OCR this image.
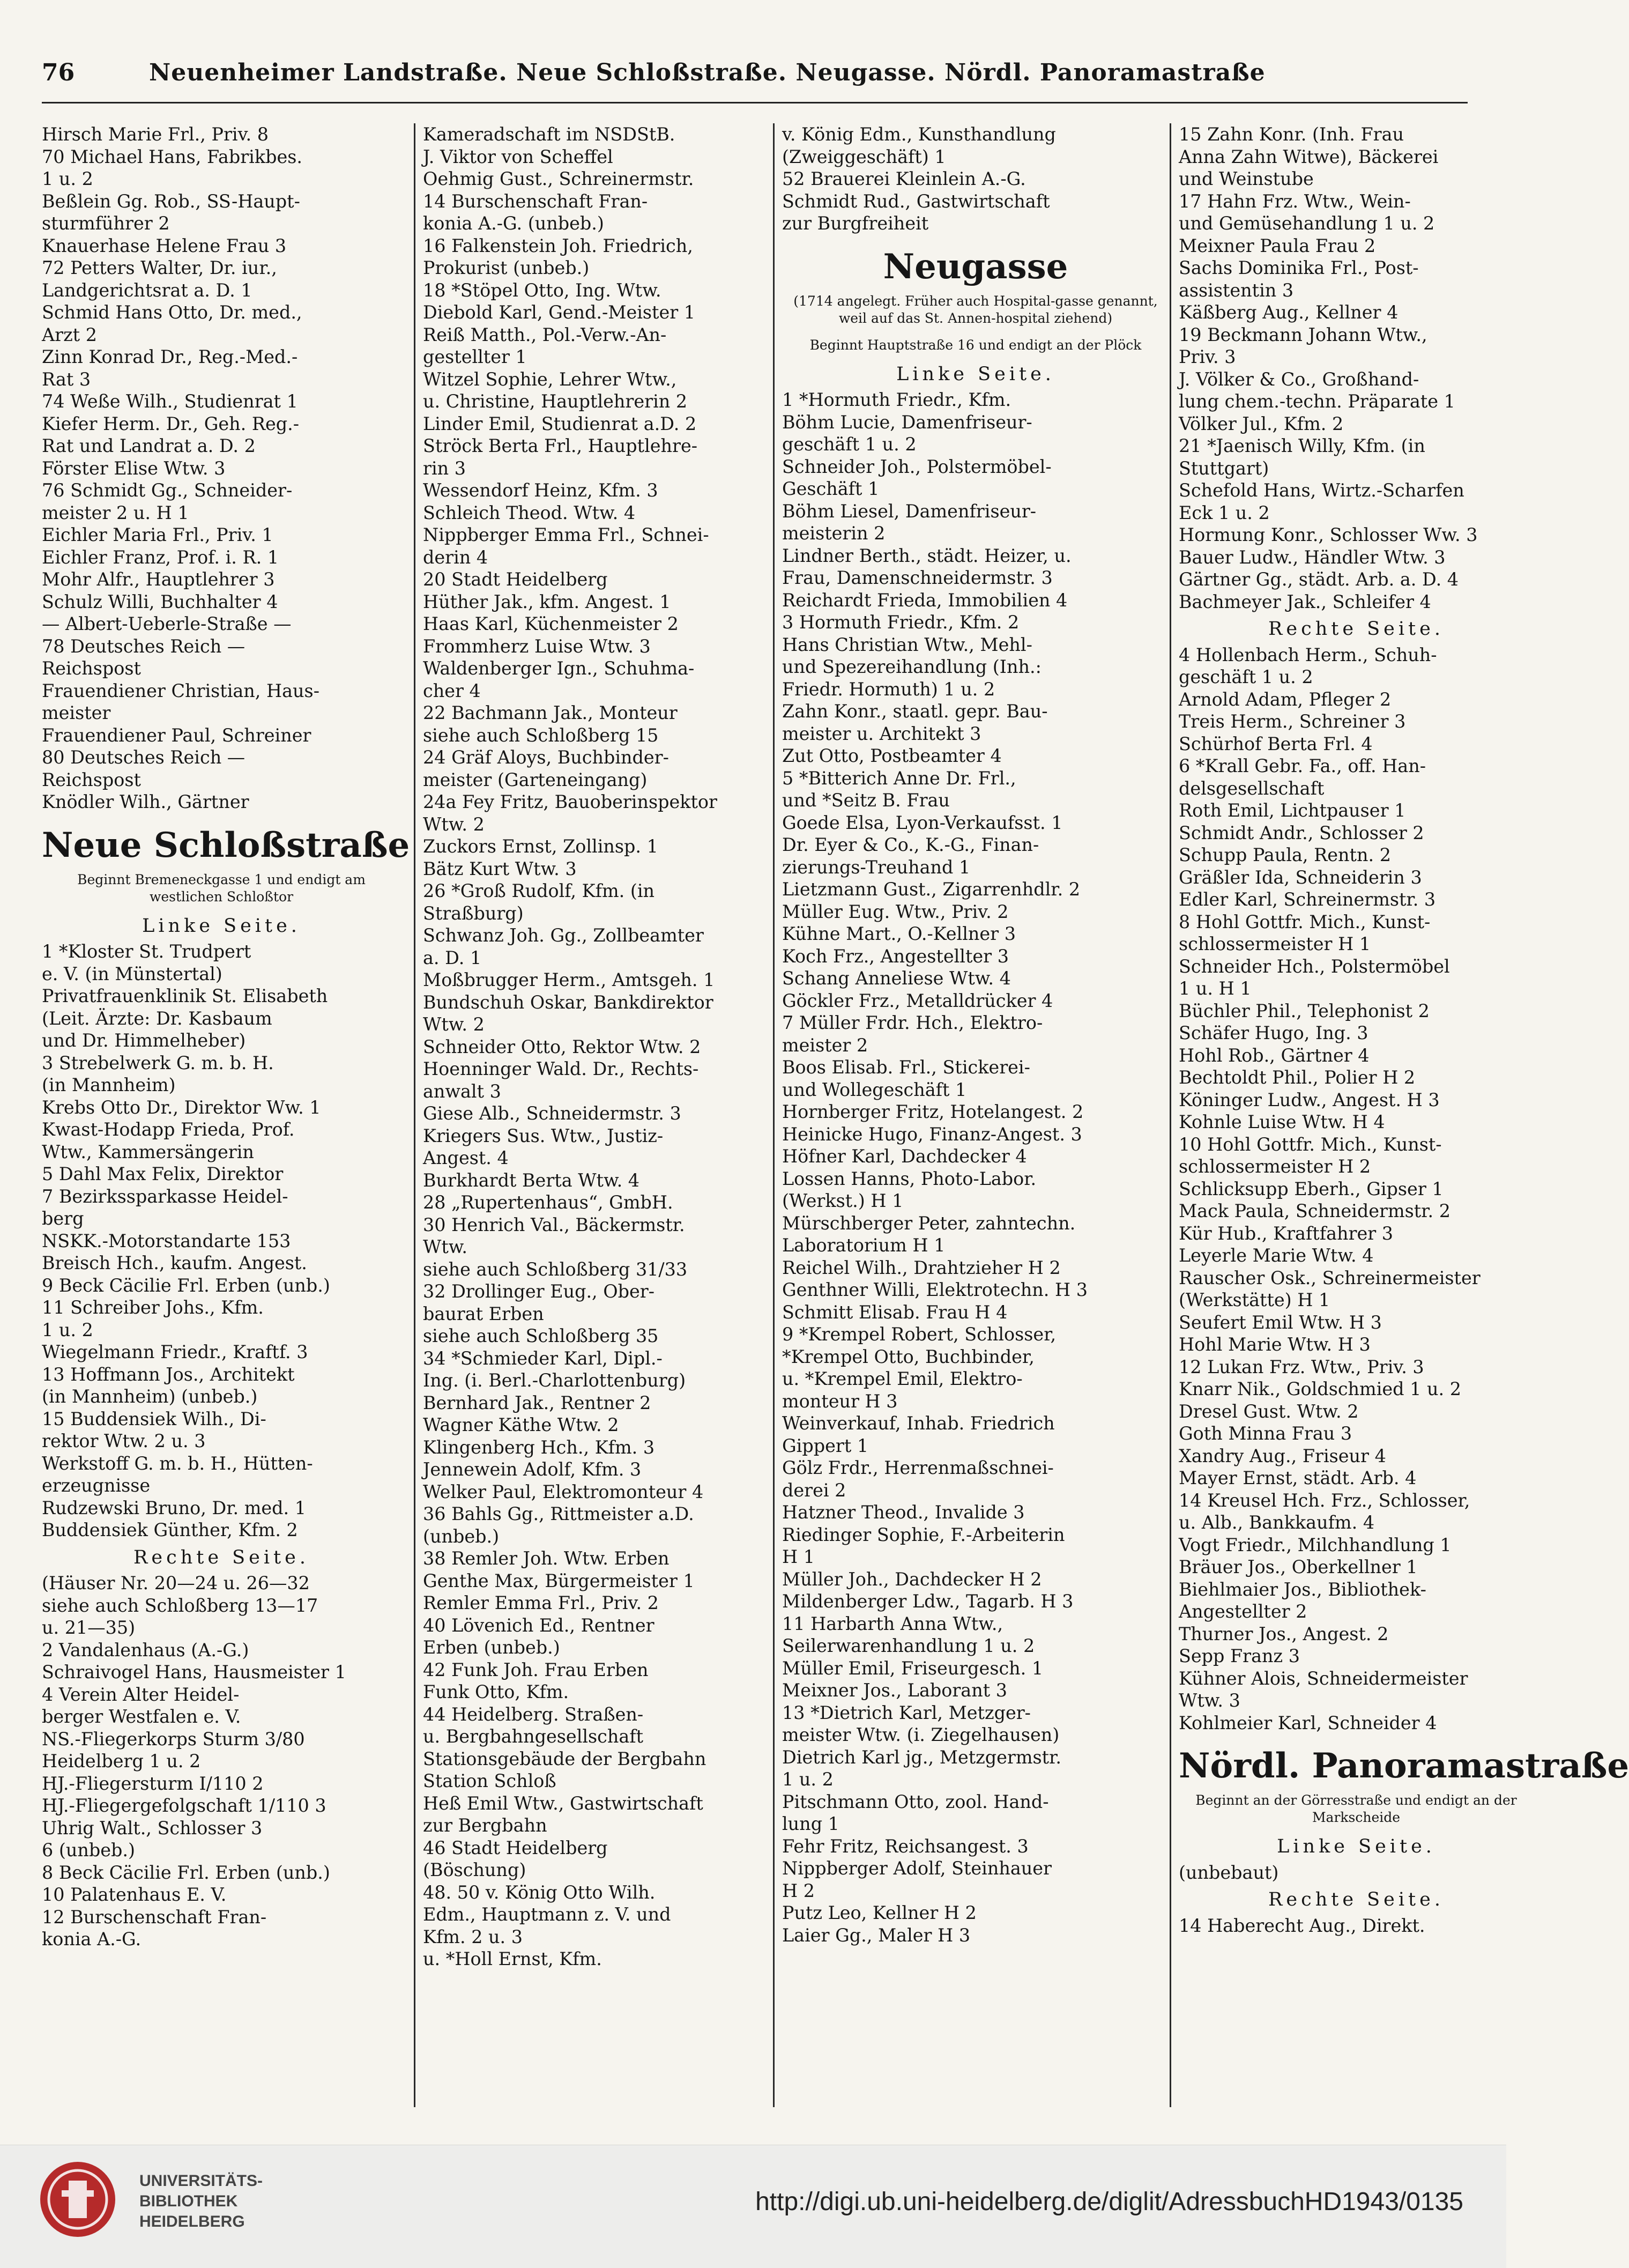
76	Neuenheimer Landstraße. Neue Schloßstraße. Neugasse. Nördl. Panoramastraße

Hirsch Marie Frl., Priv. 8

70 Michael Hans, Fabrikbes.

1 u. 2

Beßlein Gg. Rob., SS-Haupt-

sturmführer 2

Knauerhase Helene Frau 3

72 Petters Walter, Dr. iur.,

Landgerichtsrat a. D. 1

Schmid Hans Otto, Dr. med.,

Arzt 2

Zinn Konrad Dr., Reg.-Med.-

Rat 3

74 Weße Wilh., Studienrat 1

Kiefer Herm. Dr., Geh. Reg.-

Rat und Landrat a. D. 2

Förster Elise Wtw. 3

76 Schmidt Gg., Schneider-

meister 2 u. H 1

Eichler Maria Frl., Priv. 1

Eichler Franz, Prof. i. R. 1

Mohr Alfr., Hauptlehrer 3

Schulz Willi, Buchhalter 4

— Albert-Ueberle-Straße —

78 Deutsches Reich —

Reichspost

Frauendiener Christian, Haus-

meister

Frauendiener Paul, Schreiner

80 Deutsches Reich —

Reichspost

Knödler Wilh., Gärtner

Neue Schloßstraße

Beginnt Bremeneckgasse 1 und endigt am westlichen Schloßtor

Linke Seite.

1 *Kloster St. Trudpert

e. V. (in Münstertal)

Privatfrauenklinik St. Elisabeth

(Leit. Ärzte: Dr. Kasbaum

und Dr. Himmelheber)

3 Strebelwerk G. m. b. H.

(in Mannheim)

Krebs Otto Dr., Direktor Ww. 1

Kwast-Hodapp Frieda, Prof.

Wtw., Kammersängerin

5 Dahl Max Felix, Direktor

7 Bezirkssparkasse Heidel-

berg

NSKK.-Motorstandarte 153

Breisch Hch., kaufm. Angest.

9 Beck Cäcilie Frl. Erben (unb.)

11 Schreiber Johs., Kfm.

1 u. 2

Wiegelmann Friedr., Kraftf. 3

13 Hoffmann Jos., Architekt

(in Mannheim) (unbeb.)

15 Buddensiek Wilh., Di-

rektor Wtw. 2 u. 3

Werkstoff G. m. b. H., Hütten-

erzeugnisse

Rudzewski Bruno, Dr. med. 1

Buddensiek Günther, Kfm. 2

Rechte Seite.

(Häuser Nr. 20—24 u. 26—32

siehe auch Schloßberg 13—17

u. 21—35)

2 Vandalenhaus (A.-G.)

Schraivogel Hans, Hausmeister 1

4 Verein Alter Heidel-

berger Westfalen e. V.

NS.-Fliegerkorps Sturm 3/80

Heidelberg 1 u. 2

HJ.-Fliegersturm I/110 2

HJ.-Fliegergefolgschaft 1/110 3

Uhrig Walt., Schlosser 3

6 (unbeb.)

8 Beck Cäcilie Frl. Erben (unb.)

10 Palatenhaus E. V.

12 Burschenschaft Fran-

konia A.-G.

Kameradschaft im NSDStB.

J. Viktor von Scheffel

Oehmig Gust., Schreinermstr.

14 Burschenschaft Fran-

konia A.-G. (unbeb.)

16 Falkenstein Joh. Friedrich,

Prokurist (unbeb.)

18 *Stöpel Otto, Ing. Wtw.

Diebold Karl, Gend.-Meister 1

Reiß Matth., Pol.-Verw.-An-

gestellter 1

Witzel Sophie, Lehrer Wtw.,

u. Christine, Hauptlehrerin 2

Linder Emil, Studienrat a.D. 2

Ströck Berta Frl., Hauptlehre-

rin 3

Wessendorf Heinz, Kfm. 3

Schleich Theod. Wtw. 4

Nippberger Emma Frl., Schnei-

derin 4

20 Stadt Heidelberg

Hüther Jak., kfm. Angest. 1

Haas Karl, Küchenmeister 2

Frommherz Luise Wtw. 3

Waldenberger Ign., Schuhma-

cher 4

22 Bachmann Jak., Monteur

siehe auch Schloßberg 15

24 Gräf Aloys, Buchbinder-

meister (Garteneingang)

24a Fey Fritz, Bauoberinspektor

Wtw. 2

Zuckors Ernst, Zollinsp. 1

Bätz Kurt Wtw. 3

26 *Groß Rudolf, Kfm. (in

Straßburg)

Schwanz Joh. Gg., Zollbeamter

a. D. 1

Moßbrugger Herm., Amtsgeh. 1

Bundschuh Oskar, Bankdirektor

Wtw. 2

Schneider Otto, Rektor Wtw. 2

Hoenninger Wald. Dr., Rechts-

anwalt 3

Giese Alb., Schneidermstr. 3

Kriegers Sus. Wtw., Justiz-

Angest. 4

Burkhardt Berta Wtw. 4

28 „Rupertenhaus“, GmbH.

30 Henrich Val., Bäckermstr.

Wtw.

siehe auch Schloßberg 31/33

32 Drollinger Eug., Ober-

baurat Erben

siehe auch Schloßberg 35

34 *Schmieder Karl, Dipl.-

Ing. (i. Berl.-Charlottenburg)

Bernhard Jak., Rentner 2

Wagner Käthe Wtw. 2

Klingenberg Hch., Kfm. 3

Jennewein Adolf, Kfm. 3

Welker Paul, Elektromonteur 4

36 Bahls Gg., Rittmeister a.D.

(unbeb.)

38 Remler Joh. Wtw. Erben

Genthe Max, Bürgermeister 1

Remler Emma Frl., Priv. 2

40 Lövenich Ed., Rentner

Erben (unbeb.)

42 Funk Joh. Frau Erben

Funk Otto, Kfm.

44 Heidelberg. Straßen-

u. Bergbahngesellschaft

Stationsgebäude der Bergbahn

Station Schloß

Heß Emil Wtw., Gastwirtschaft

zur Bergbahn

46 Stadt Heidelberg

(Böschung)

48. 50 v. König Otto Wilh.

Edm., Hauptmann z. V. und

Kfm. 2 u. 3

u. *Holl Ernst, Kfm.

v. König Edm., Kunsthandlung

(Zweiggeschäft) 1

52 Brauerei Kleinlein A.-G.

Schmidt Rud., Gastwirtschaft

zur Burgfreiheit

Neugasse

(1714 angelegt. Früher auch Hospital-gasse genannt, weil auf das St. Annen-hospital ziehend)

Beginnt Hauptstraße 16 und endigt an der Plöck

Linke Seite.

1 *Hormuth Friedr., Kfm.

Böhm Lucie, Damenfriseur-

geschäft 1 u. 2

Schneider Joh., Polstermöbel-

Geschäft 1

Böhm Liesel, Damenfriseur-

meisterin 2

Lindner Berth., städt. Heizer, u.

Frau, Damenschneidermstr. 3

Reichardt Frieda, Immobilien 4

3 Hormuth Friedr., Kfm. 2

Hans Christian Wtw., Mehl-

und Spezereihandlung (Inh.:

Friedr. Hormuth) 1 u. 2

Zahn Konr., staatl. gepr. Bau-

meister u. Architekt 3

Zut Otto, Postbeamter 4

5 *Bitterich Anne Dr. Frl.,

und *Seitz B. Frau

Goede Elsa, Lyon-Verkaufsst. 1

Dr. Eyer & Co., K.-G., Finan-

zierungs-Treuhand 1

Lietzmann Gust., Zigarrenhdlr. 2

Müller Eug. Wtw., Priv. 2

Kühne Mart., O.-Kellner 3

Koch Frz., Angestellter 3

Schang Anneliese Wtw. 4

Göckler Frz., Metalldrücker 4

7 Müller Frdr. Hch., Elektro-

meister 2

Boos Elisab. Frl., Stickerei-

und Wollegeschäft 1

Hornberger Fritz, Hotelangest. 2

Heinicke Hugo, Finanz-Angest. 3

Höfner Karl, Dachdecker 4

Lossen Hanns, Photo-Labor.

(Werkst.) H 1

Mürschberger Peter, zahntechn.

Laboratorium H 1

Reichel Wilh., Drahtzieher H 2

Genthner Willi, Elektrotechn. H 3

Schmitt Elisab. Frau H 4

9 *Krempel Robert, Schlosser,

*Krempel Otto, Buchbinder,

u. *Krempel Emil, Elektro-

monteur H 3

Weinverkauf, Inhab. Friedrich

Gippert 1

Gölz Frdr., Herrenmaßschnei-

derei 2

Hatzner Theod., Invalide 3

Riedinger Sophie, F.-Arbeiterin

H 1

Müller Joh., Dachdecker H 2

Mildenberger Ldw., Tagarb. H 3

11 Harbarth Anna Wtw.,

Seilerwarenhandlung 1 u. 2

Müller Emil, Friseurgesch. 1

Meixner Jos., Laborant 3

13 *Dietrich Karl, Metzger-

meister Wtw. (i. Ziegelhausen)

Dietrich Karl jg., Metzgermstr.

1 u. 2

Pitschmann Otto, zool. Hand-

lung 1

Fehr Fritz, Reichsangest. 3

Nippberger Adolf, Steinhauer

H 2

Putz Leo, Kellner H 2

Laier Gg., Maler H 3

15 Zahn Konr. (Inh. Frau

Anna Zahn Witwe), Bäckerei

und Weinstube

17 Hahn Frz. Wtw., Wein-

und Gemüsehandlung 1 u. 2

Meixner Paula Frau 2

Sachs Dominika Frl., Post-

assistentin 3

Käßberg Aug., Kellner 4

19 Beckmann Johann Wtw.,

Priv. 3

J. Völker & Co., Großhand-

lung chem.-techn. Präparate 1

Völker Jul., Kfm. 2

21 *Jaenisch Willy, Kfm. (in

Stuttgart)

Schefold Hans, Wirtz.-Scharfen

Eck 1 u. 2

Hormung Konr., Schlosser Ww. 3

Bauer Ludw., Händler Wtw. 3

Gärtner Gg., städt. Arb. a. D. 4

Bachmeyer Jak., Schleifer 4

Rechte Seite.

4 Hollenbach Herm., Schuh-

geschäft 1 u. 2

Arnold Adam, Pfleger 2

Treis Herm., Schreiner 3

Schürhof Berta Frl. 4

6 *Krall Gebr. Fa., off. Han-

delsgesellschaft

Roth Emil, Lichtpauser 1

Schmidt Andr., Schlosser 2

Schupp Paula, Rentn. 2

Gräßler Ida, Schneiderin 3

Edler Karl, Schreinermstr. 3

8 Hohl Gottfr. Mich., Kunst-

schlossermeister H 1

Schneider Hch., Polstermöbel

1 u. H 1

Büchler Phil., Telephonist 2

Schäfer Hugo, Ing. 3

Hohl Rob., Gärtner 4

Bechtoldt Phil., Polier H 2

Köninger Ludw., Angest. H 3

Kohnle Luise Wtw. H 4

10 Hohl Gottfr. Mich., Kunst-

schlossermeister H 2

Schlicksupp Eberh., Gipser 1

Mack Paula, Schneidermstr. 2

Kür Hub., Kraftfahrer 3

Leyerle Marie Wtw. 4

Rauscher Osk., Schreinermeister

(Werkstätte) H 1

Seufert Emil Wtw. H 3

Hohl Marie Wtw. H 3

12 Lukan Frz. Wtw., Priv. 3

Knarr Nik., Goldschmied 1 u. 2

Dresel Gust. Wtw. 2

Goth Minna Frau 3

Xandry Aug., Friseur 4

Mayer Ernst, städt. Arb. 4

14 Kreusel Hch. Frz., Schlosser,

u. Alb., Bankkaufm. 4

Vogt Friedr., Milchhandlung 1

Bräuer Jos., Oberkellner 1

Biehlmaier Jos., Bibliothek-

Angestellter 2

Thurner Jos., Angest. 2

Sepp Franz 3

Kühner Alois, Schneidermeister

Wtw. 3

Kohlmeier Karl, Schneider 4

Nördl. Panoramastraße

Beginnt an der Görresstraße und endigt an der Markscheide

Linke Seite.

(unbebaut)

Rechte Seite.

14 Haberecht Aug., Direkt.

UNIVERSITÄTS-
BIBLIOTHEK
HEIDELBERG
http://digi.ub.uni-heidelberg.de/diglit/AdressbuchHD1943/0135
